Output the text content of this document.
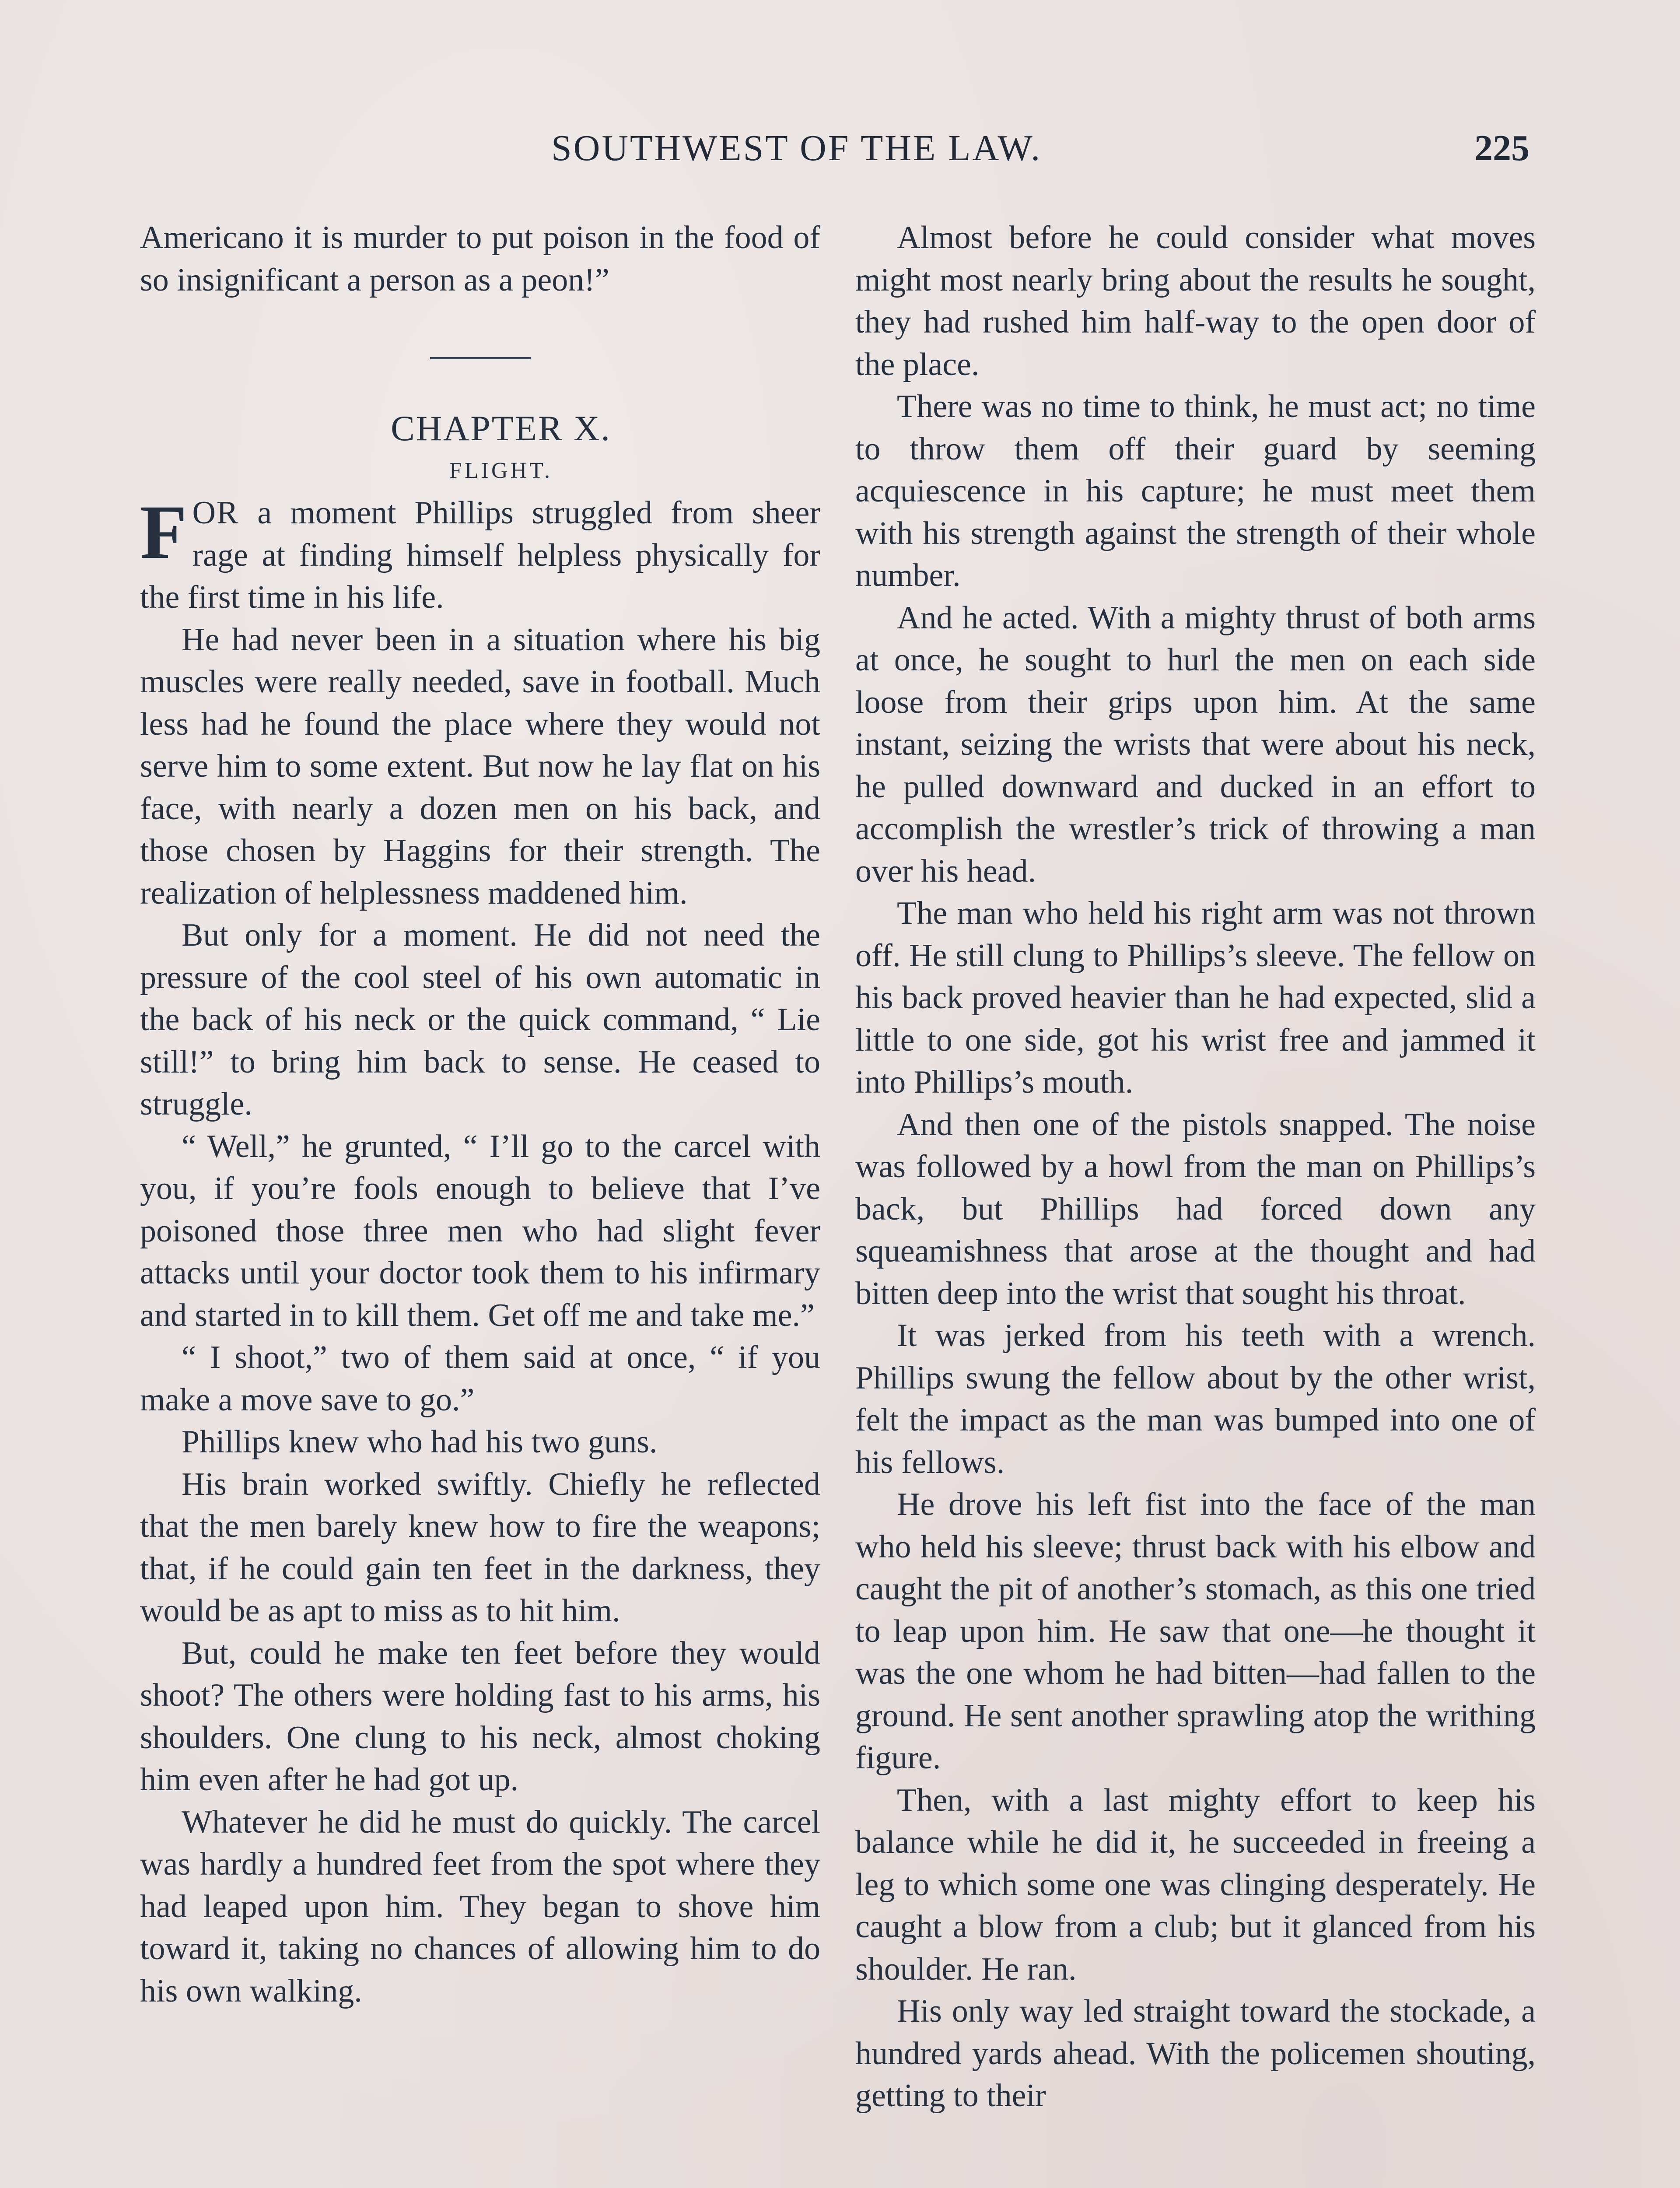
SOUTHWEST OF THE LAW.	225

Americano it is murder to put poison in the food of so insignificant a person as a peon!”

CHAPTER X.

FLIGHT.

FOR a moment Phillips struggled from sheer rage at finding himself helpless physically for the first time in his life.

He had never been in a situation where his big muscles were really needed, save in football. Much less had he found the place where they would not serve him to some extent. But now he lay flat on his face, with nearly a dozen men on his back, and those chosen by Haggins for their strength. The realization of helplessness maddened him.

But only for a moment. He did not need the pressure of the cool steel of his own automatic in the back of his neck or the quick command, “ Lie still!” to bring him back to sense. He ceased to struggle.

“ Well,” he grunted, “ I’ll go to the carcel with you, if you’re fools enough to believe that I’ve poisoned those three men who had slight fever attacks until your doctor took them to his infirmary and started in to kill them. Get off me and take me.”

“ I shoot,” two of them said at once, “ if you make a move save to go.”

Phillips knew who had his two guns.

His brain worked swiftly. Chiefly he reflected that the men barely knew how to fire the weapons; that, if he could gain ten feet in the darkness, they would be as apt to miss as to hit him.

But, could he make ten feet before they would shoot? The others were holding fast to his arms, his shoulders. One clung to his neck, almost choking him even after he had got up.

Whatever he did he must do quickly. The carcel was hardly a hundred feet from the spot where they had leaped upon him. They began to shove him toward it, taking no chances of allowing him to do his own walking.

Almost before he could consider what moves might most nearly bring about the results he sought, they had rushed him half-way to the open door of the place.

There was no time to think, he must act; no time to throw them off their guard by seeming acquiescence in his capture; he must meet them with his strength against the strength of their whole number.

And he acted. With a mighty thrust of both arms at once, he sought to hurl the men on each side loose from their grips upon him. At the same instant, seizing the wrists that were about his neck, he pulled downward and ducked in an effort to accomplish the wrestler’s trick of throwing a man over his head.

The man who held his right arm was not thrown off. He still clung to Phillips’s sleeve. The fellow on his back proved heavier than he had expected, slid a little to one side, got his wrist free and jammed it into Phillips’s mouth.

And then one of the pistols snapped. The noise was followed by a howl from the man on Phillips’s back, but Phillips had forced down any squeamishness that arose at the thought and had bitten deep into the wrist that sought his throat.

It was jerked from his teeth with a wrench. Phillips swung the fellow about by the other wrist, felt the impact as the man was bumped into one of his fellows.

He drove his left fist into the face of the man who held his sleeve; thrust back with his elbow and caught the pit of another’s stomach, as this one tried to leap upon him. He saw that one—he thought it was the one whom he had bitten—had fallen to the ground. He sent another sprawling atop the writhing figure.

Then, with a last mighty effort to keep his balance while he did it, he succeeded in freeing a leg to which some one was clinging desperately. He caught a blow from a club; but it glanced from his shoulder. He ran.

His only way led straight toward the stockade, a hundred yards ahead. With the policemen shouting, getting to their
